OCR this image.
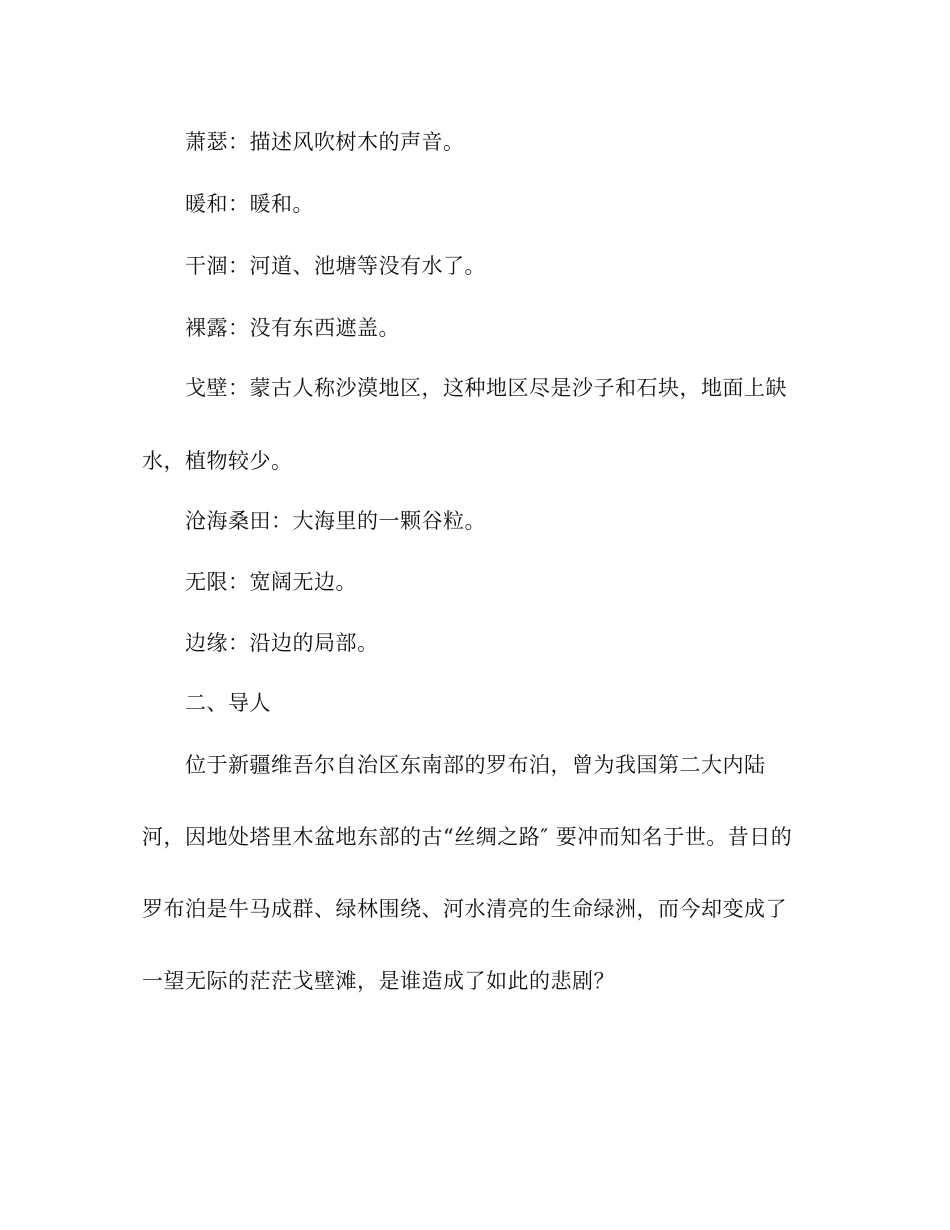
萧瑟：描述风吹树木的声音。
暖和：暖和。
干涸：河道、池塘等没有水了。
裸露：没有东西遮盖。
戈壁：蒙古人称沙漠地区，这种地区尽是沙子和石块，地面上缺
水，植物较少。
沧海桑田：大海里的一颗谷粒。
无限：宽阔无边。
边缘：沿边的局部。
二、导人
位于新疆维吾尔自治区东南部的罗布泊，曾为我国第二大内陆
河，因地处塔里木盆地东部的古“丝绸之路″ 要冲而知名于世。昔日的
罗布泊是牛马成群、绿林围绕、河水清亮的生命绿洲，而今却变成了
一望无际的茫茫戈壁滩，是谁造成了如此的悲剧？
